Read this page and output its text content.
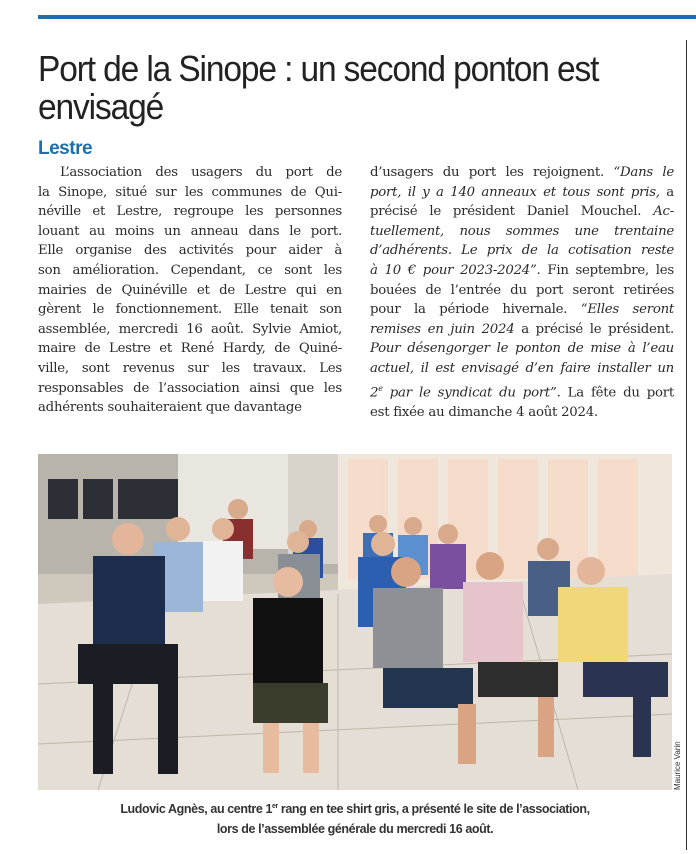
Port de la Sinope : un second ponton est envisagé
Lestre
L’association des usagers du port de
la Sinope, situé sur les communes de Qui-
néville et Lestre, regroupe les personnes
louant au moins un anneau dans le port.
Elle organise des activités pour aider à
son amélioration. Cependant, ce sont les
mairies de Quinéville et de Lestre qui en
gèrent le fonctionnement. Elle tenait son
assemblée, mercredi 16 août. Sylvie Amiot,
maire de Lestre et René Hardy, de Quiné-
ville, sont revenus sur les travaux. Les
responsables de l’association ainsi que les
adhérents souhaiteraient que davantage
d’usagers du port les rejoignent. “Dans le
port, il y a 140 anneaux et tous sont pris, a
précisé le président Daniel Mouchel. Ac-
tuellement, nous sommes une trentaine
d’adhérents. Le prix de la cotisation reste
à 10 € pour 2023-2024”. Fin septembre, les
bouées de l’entrée du port seront retirées
pour la période hivernale. “Elles seront
remises en juin 2024 a précisé le président.
Pour désengorger le ponton de mise à l’eau
actuel, il est envisagé d’en faire installer un
2e par le syndicat du port”. La fête du port
est fixée au dimanche 4 août 2024.
Maurice Varin
Ludovic Agnès, au centre 1er rang en tee shirt gris, a présenté le site de l’association,
lors de l’assemblée générale du mercredi 16 août.
